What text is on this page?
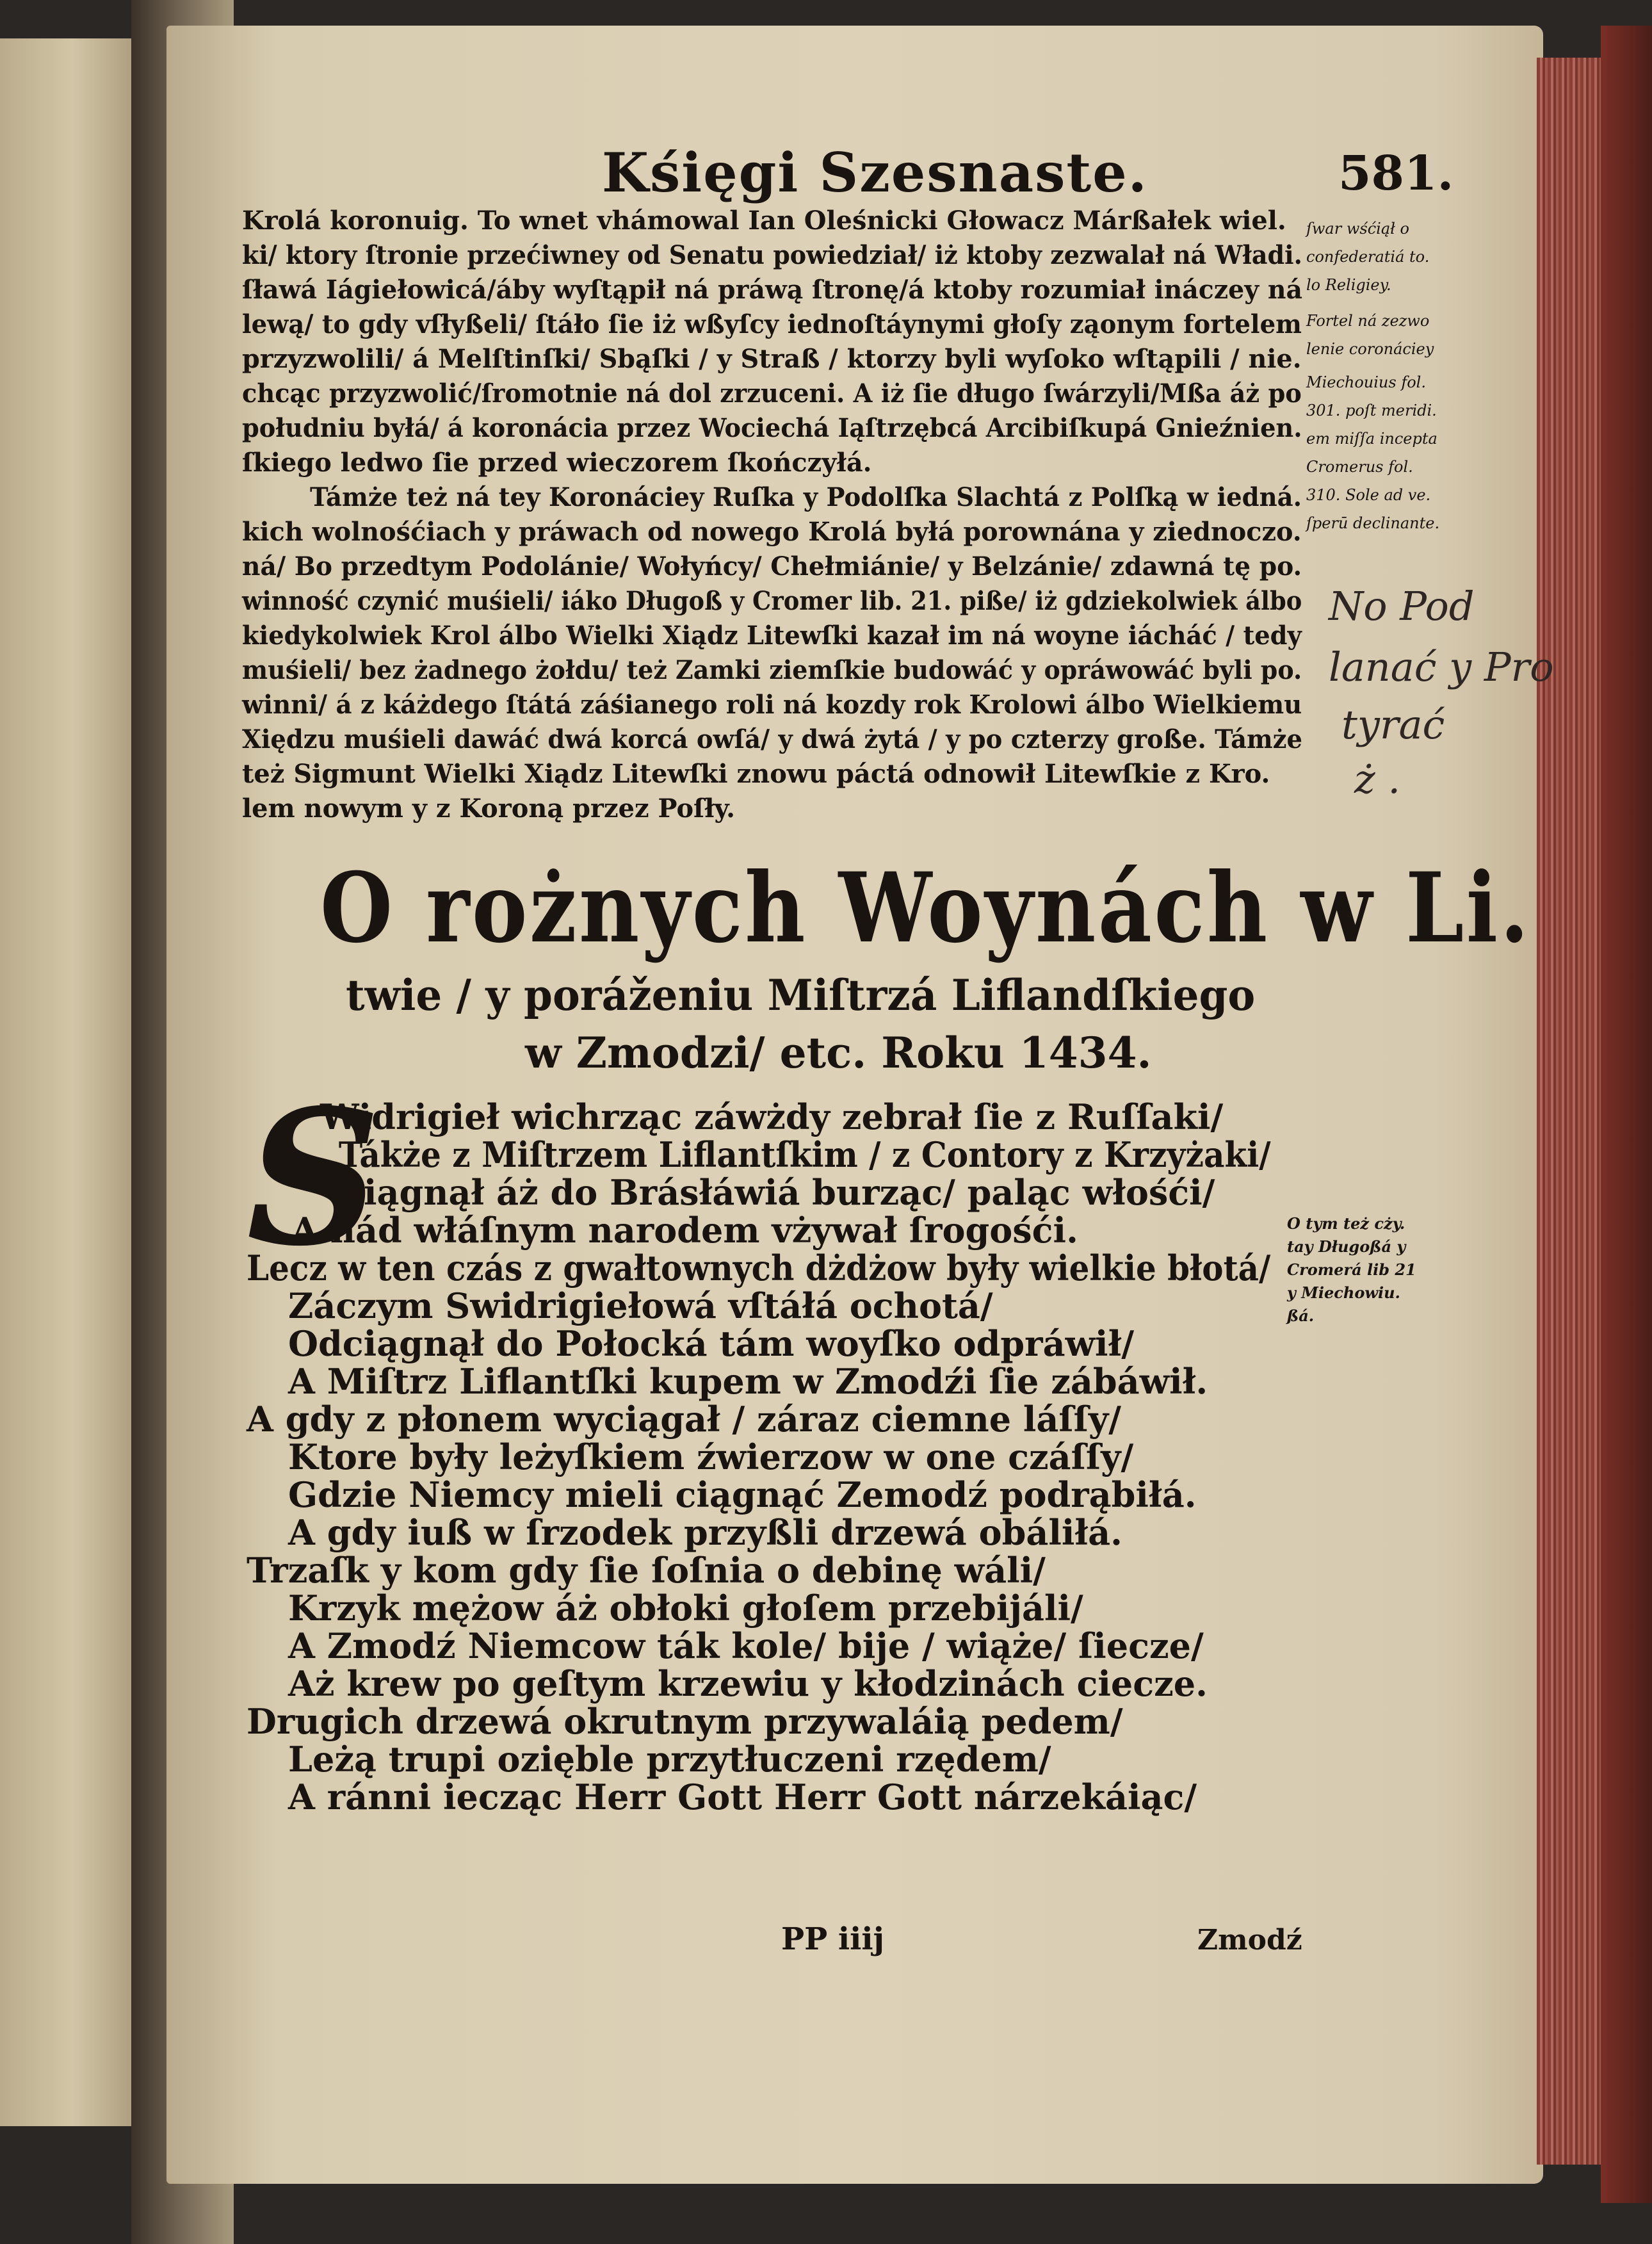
Kśięgi Szesnaste.	581.
Krolá koronuig. To wnet vhámowal Ian Oleśnicki Głowacz Márßałek wiel.
ki/ ktory ſtronie przećiwney od Senatu powiedział/ iż ktoby zezwalał ná Władi.
ſławá Iágiełowicá/áby wyſtąpił ná práwą ſtronę/á ktoby rozumiał ináczey ná
lewą/ to gdy vſłyßeli/ ſtáło ſie iż wßyſcy iednoſtáynymi głoſy ząonym fortelem
przyzwolili/ á Melſtinſki/ Sbąſki / y Straß / ktorzy byli wyſoko wſtąpili / nie.
chcąc przyzwolić/ſromotnie ná dol zrzuceni. A iż ſie długo ſwárzyli/Mßa áż po
południu byłá/ á koronácia przez Wociechá Iąſtrzębcá Arcibiſkupá Gnieźnien.
ſkiego ledwo ſie przed wieczorem ſkończyłá.
Támże też ná tey Koronáciey Ruſka y Podolſka Slachtá z Polſką w iedná.
kich wolnośćiach y práwach od nowego Krolá byłá porownána y ziednoczo.
ná/ Bo przedtym Podolánie/ Wołyńcy/ Chełmiánie/ y Belzánie/ zdawná tę po.
winność czynić muśieli/ iáko Długoß y Cromer lib. 21. piße/ iż gdziekolwiek álbo
kiedykolwiek Krol álbo Wielki Xiądz Litewſki kazał im ná woyne iácháć / tedy
muśieli/ bez żadnego żołdu/ też Zamki ziemſkie budowáć y opráwowáć byli po.
winni/ á z káżdego ſtátá záśianego roli ná kozdy rok Krolowi álbo Wielkiemu
Xiędzu muśieli dawáć dwá korcá owſá/ y dwá żytá / y po czterzy große. Támże
też Sigmunt Wielki Xiądz Litewſki znowu páctá odnowił Litewſkie z Kro.
lem nowym y z Koroną przez Poſły.
ſwar wśćiął o
confederatiá to.
lo Religiey.
Fortel ná zezwo
lenie coronáciey
Miechouius fol.
301. poſt meridi.
em miſſa incepta
Cromerus fol.
310. Sole ad ve.
ſperū declinante.
No Pod
lanać y Pro
tyrać
ż .
O rożnych Woynách w Li.
twie / y poráženiu Miſtrzá Liflandſkiego
w Zmodzi/ etc. Roku 1434.
S
Widrigieł wichrząc záwżdy zebrał ſie z Ruſſaki/
Tákże z Miſtrzem Liflantſkim / z Contory z Krzyżaki/
Ciągnął áż do Brásłáwiá burząc/ paląc włośći/
A nád włáſnym narodem vżywał ſrogośći.
Lecz w ten czás z gwałtownych dżdżow były wielkie błotá/
Záczym Swidrigiełowá vſtáłá ochotá/
Odciągnął do Połocká tám woyſko odpráwił/
A Miſtrz Liflantſki kupem w Zmodźi ſie zábáwił.
A gdy z płonem wyciągał / zárаz ciemne láſſy/
Ktore były leżyſkiem źwierzow w one czáſſy/
Gdzie Niemcy mieli ciągnąć Zemodź podrąbiłá.
A gdy iuß w ſrzodek przyßli drzewá obáliłá.
Trzaſk y kom gdy ſie ſoſnia o debinę wáli/
Krzyk mężow áż obłoki głoſem przebijáli/
A Zmodź Niemcow ták kole/ bije / wiąże/ ſiecze/
Aż krew po geſtym krzewiu y kłodzinách ciecze.
Drugich drzewá okrutnym przywaláią pedem/
Leżą trupi ozięble przytłuczeni rzędem/
A ránni iecząc Herr Gott Herr Gott nárzekáiąc/
O tym też cży.
tay Długoßá y
Cromerá lib 21
y Miechowiu.
ßá.
PP iiij	Zmodź
